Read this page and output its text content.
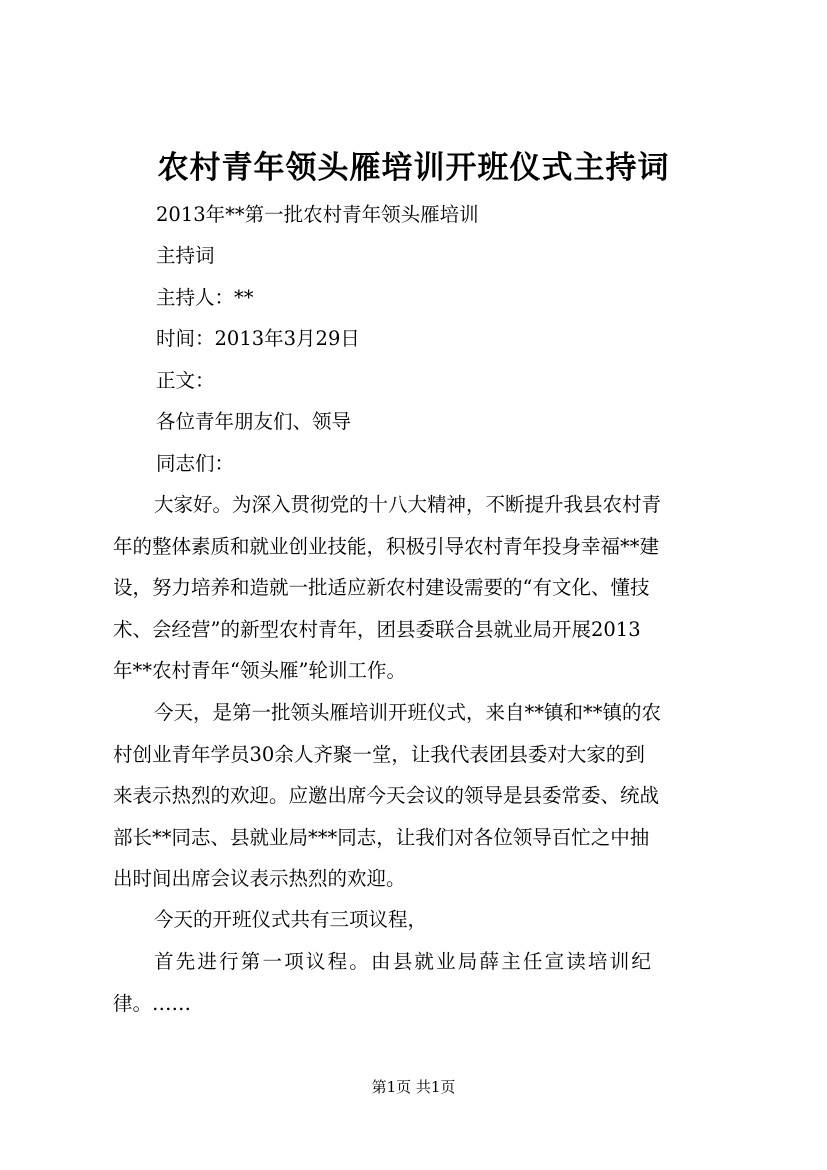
农村青年领头雁培训开班仪式主持词
2013年**第一批农村青年领头雁培训
主持词
主持人：**
时间：2013年3月29日
正文：
各位青年朋友们、领导
同志们：
大家好。为深入贯彻党的十八大精神，不断提升我县农村青
年的整体素质和就业创业技能，积极引导农村青年投身幸福**建
设，努力培养和造就一批适应新农村建设需要的“有文化、懂技
术、会经营”的新型农村青年，团县委联合县就业局开展2013
年**农村青年“领头雁”轮训工作。
今天，是第一批领头雁培训开班仪式，来自**镇和**镇的农
村创业青年学员30余人齐聚一堂，让我代表团县委对大家的到
来表示热烈的欢迎。应邀出席今天会议的领导是县委常委、统战
部长**同志、县就业局***同志，让我们对各位领导百忙之中抽
出时间出席会议表示热烈的欢迎。
今天的开班仪式共有三项议程，
首先进行第一项议程。由县就业局薛主任宣读培训纪
律。……
第1页 共1页
